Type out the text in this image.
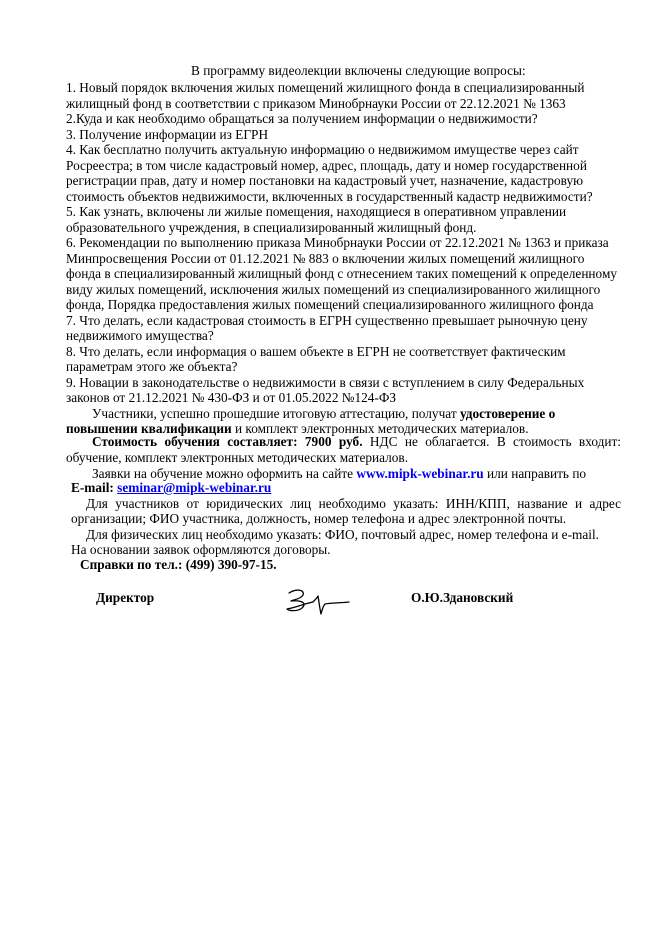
В программу видеолекции включены следующие вопросы:
1. Новый порядок включения жилых помещений жилищного фонда в специализированный
жилищный фонд в соответствии с приказом Минобрнауки России от 22.12.2021 № 1363
2.Куда и как необходимо обращаться за получением информации о недвижимости?
3. Получение информации из ЕГРН
4. Как бесплатно получить актуальную информацию о недвижимом имуществе через сайт
Росреестра; в том числе кадастровый номер, адрес, площадь, дату и номер государственной
регистрации прав, дату и номер постановки на кадастровый учет, назначение, кадастровую
стоимость объектов недвижимости, включенных в государственный кадастр недвижимости?
5. Как узнать, включены ли жилые помещения, находящиеся в оперативном управлении
образовательного учреждения, в специализированный жилищный фонд.
6. Рекомендации по выполнению приказа Минобрнауки России от 22.12.2021 № 1363 и приказа
Минпросвещения России от 01.12.2021 № 883 о включении жилых помещений жилищного
фонда в специализированный жилищный фонд с отнесением таких помещений к определенному
виду жилых помещений, исключения жилых помещений из специализированного жилищного
фонда, Порядка предоставления жилых помещений специализированного жилищного фонда
7. Что делать, если кадастровая стоимость в ЕГРН существенно превышает рыночную цену
недвижимого имущества?
8. Что делать, если информация о вашем объекте в ЕГРН не соответствует фактическим
параметрам этого же объекта?
9. Новации в законодательстве о недвижимости в связи с вступлением в силу Федеральных
законов от 21.12.2021 № 430-ФЗ и от 01.05.2022 №124-ФЗ
Участники, успешно прошедшие итоговую аттестацию, получат удостоверение о
повышении квалификации и комплект электронных методических материалов.
Стоимость обучения составляет: 7900 руб. НДС не облагается. В стоимость входит:
обучение, комплект электронных методических материалов.
Заявки на обучение можно оформить на сайте www.mipk-webinar.ru или направить по
E-mail: seminar@mipk-webinar.ru
Для участников от юридических лиц необходимо указать: ИНН/КПП, название и адрес
организации; ФИО участника, должность, номер телефона и адрес электронной почты.
Для физических лиц необходимо указать: ФИО, почтовый адрес, номер телефона и e-mail.
На основании заявок оформляются договоры.
Справки по тел.: (499) 390-97-15.
Директор	О.Ю.Здановский
